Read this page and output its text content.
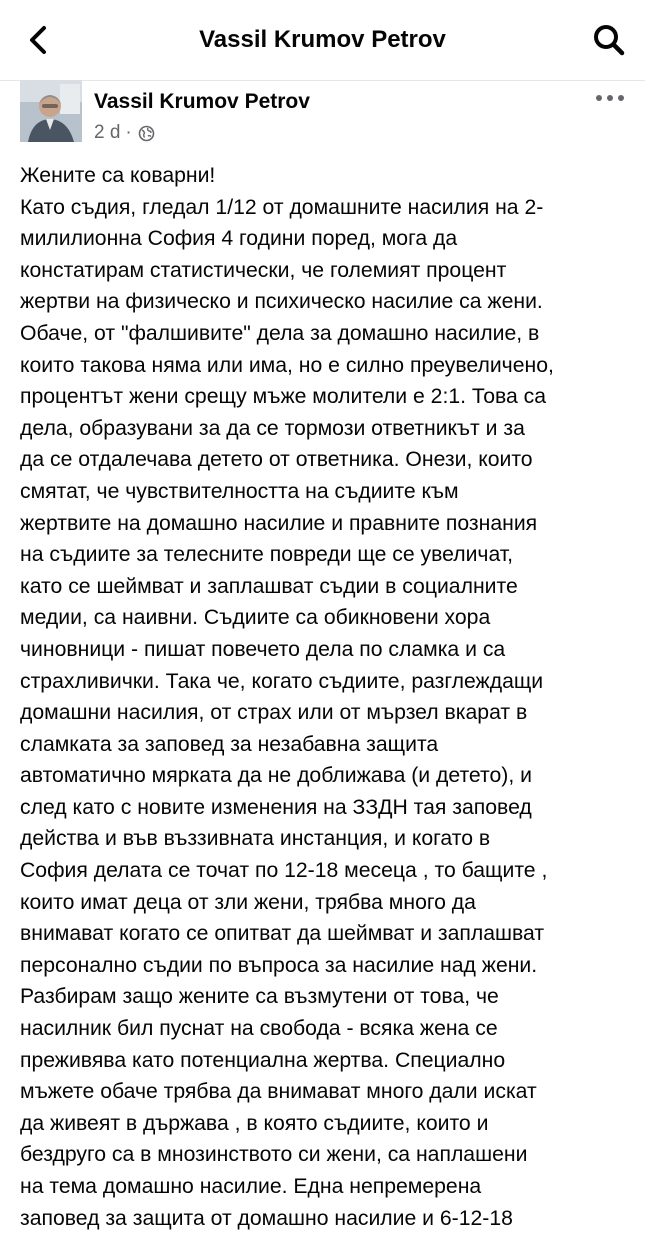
Vassil Krumov Petrov
Vassil Krumov Petrov
2 d ·
Жените са коварни!
Като съдия, гледал 1/12 от домашните насилия на 2-
милилионна София 4 години поред, мога да
констатирам статистически, че големият процент
жертви на физическо и психическо насилие са жени.
Обаче, от "фалшивите" дела за домашно насилие, в
които такова няма или има, но е силно преувеличено,
процентът жени срещу мъже молители е 2:1. Това са
дела, образувани за да се тормози ответникът и за
да се отдалечава детето от ответника. Онези, които
смятат, че чувствителността на съдиите към
жертвите на домашно насилие и правните познания
на съдиите за телесните повреди ще се увеличат,
като се шеймват и заплашват съдии в социалните
медии, са наивни. Съдиите са обикновени хора
чиновници - пишат повечето дела по сламка и са
страхливички. Така че, когато съдиите, разглеждащи
домашни насилия, от страх или от мързел вкарат в
сламката за заповед за незабавна защита
автоматично мярката да не доближава (и детето), и
след като с новите изменения на ЗЗДН тая заповед
действа и във въззивната инстанция, и когато в
София делата се точат по 12-18 месеца , то бащите ,
които имат деца от зли жени, трябва много да
внимават когато се опитват да шеймват и заплашват
персонално съдии по въпроса за насилие над жени.
Разбирам защо жените са възмутени от това, че
насилник бил пуснат на свобода - всяка жена се
преживява като потенциална жертва. Специално
мъжете обаче трябва да внимават много дали искат
да живеят в държава , в която съдиите, които и
бездруго са в мнозинството си жени, са наплашени
на тема домашно насилие. Една непремерена
заповед за защита от домашно насилие и 6-12-18
